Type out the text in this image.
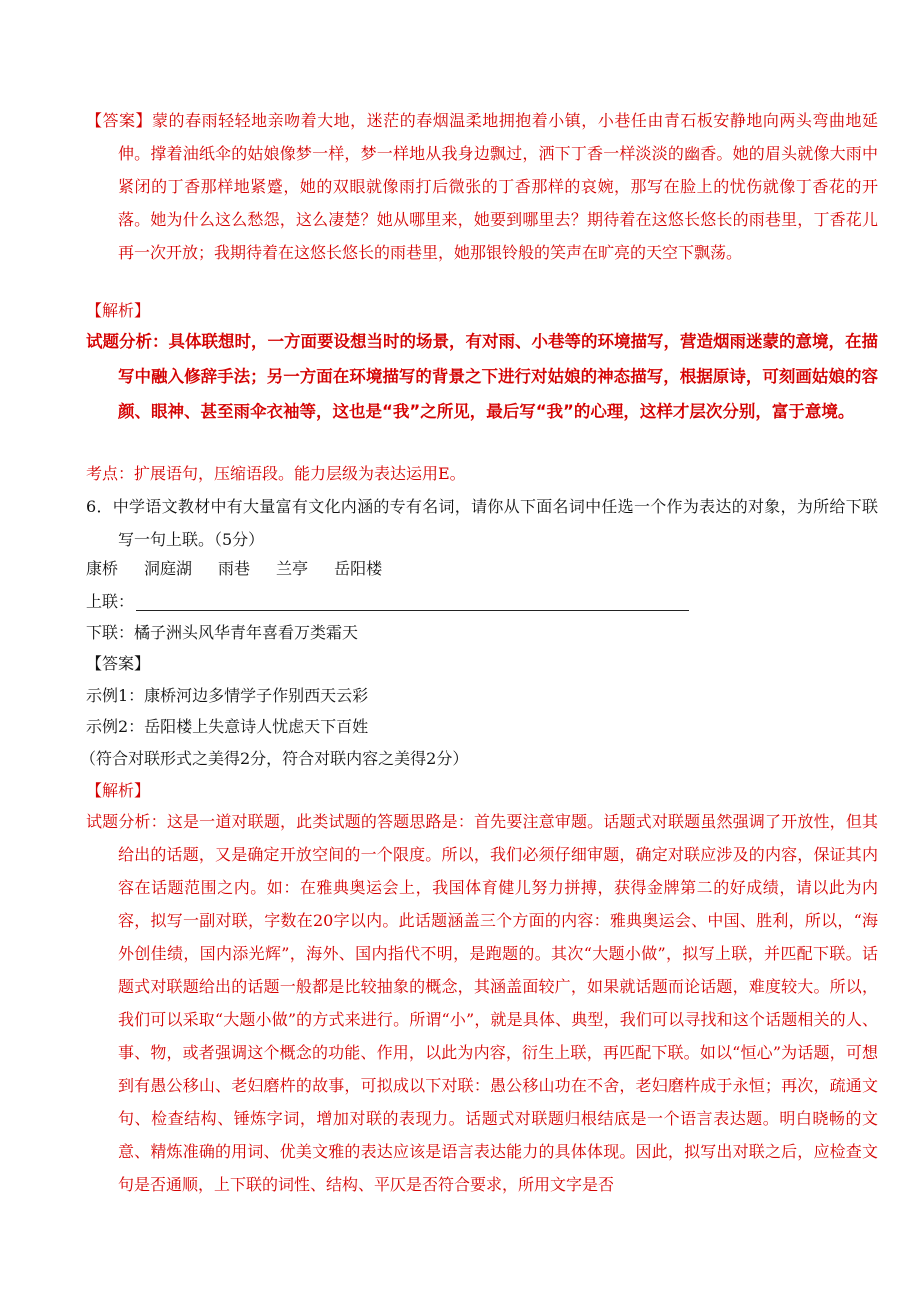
【答案】蒙的春雨轻轻地亲吻着大地，迷茫的春烟温柔地拥抱着小镇，小巷任由青石板安静地向两头弯曲地延伸。撑着油纸伞的姑娘像梦一样，梦一样地从我身边飘过，洒下丁香一样淡淡的幽香。她的眉头就像大雨中紧闭的丁香那样地紧蹙，她的双眼就像雨打后微张的丁香那样的哀婉，那写在脸上的忧伤就像丁香花的开落。她为什么这么愁怨，这么凄楚？她从哪里来，她要到哪里去？期待着在这悠长悠长的雨巷里，丁香花儿再一次开放；我期待着在这悠长悠长的雨巷里，她那银铃般的笑声在旷亮的天空下飘荡。
【解析】
试题分析：具体联想时，一方面要设想当时的场景，有对雨、小巷等的环境描写，营造烟雨迷蒙的意境，在描写中融入修辞手法；另一方面在环境描写的背景之下进行对姑娘的神态描写，根据原诗，可刻画姑娘的容颜、眼神、甚至雨伞衣袖等，这也是“我”之所见，最后写“我”的心理，这样才层次分别，富于意境。
考点：扩展语句，压缩语段。能力层级为表达运用E。
6．中学语文教材中有大量富有文化内涵的专有名词，请你从下面名词中任选一个作为表达的对象，为所给下联写一句上联。（5分）
康桥 洞庭湖 雨巷 兰亭 岳阳楼
上联：
下联：橘子洲头风华青年喜看万类霜天
【答案】
示例1：康桥河边多情学子作别西天云彩
示例2：岳阳楼上失意诗人忧虑天下百姓
（符合对联形式之美得2分，符合对联内容之美得2分）
【解析】
试题分析：这是一道对联题，此类试题的答题思路是：首先要注意审题。话题式对联题虽然强调了开放性，但其给出的话题，又是确定开放空间的一个限度。所以，我们必须仔细审题，确定对联应涉及的内容，保证其内容在话题范围之内。如：在雅典奥运会上，我国体育健儿努力拼搏，获得金牌第二的好成绩，请以此为内容，拟写一副对联，字数在20字以内。此话题涵盖三个方面的内容：雅典奥运会、中国、胜利，所以，“海外创佳绩，国内添光辉”，海外、国内指代不明，是跑题的。其次“大题小做”，拟写上联，并匹配下联。话题式对联题给出的话题一般都是比较抽象的概念，其涵盖面较广，如果就话题而论话题，难度较大。所以，我们可以采取“大题小做”的方式来进行。所谓“小”，就是具体、典型，我们可以寻找和这个话题相关的人、事、物，或者强调这个概念的功能、作用，以此为内容，衍生上联，再匹配下联。如以“恒心”为话题，可想到有愚公移山、老妇磨杵的故事，可拟成以下对联：愚公移山功在不舍，老妇磨杵成于永恒；再次，疏通文句、检查结构、锤炼字词，增加对联的表现力。话题式对联题归根结底是一个语言表达题。明白晓畅的文意、精炼准确的用词、优美文雅的表达应该是语言表达能力的具体体现。因此，拟写出对联之后，应检查文句是否通顺，上下联的词性、结构、平仄是否符合要求，所用文字是否
